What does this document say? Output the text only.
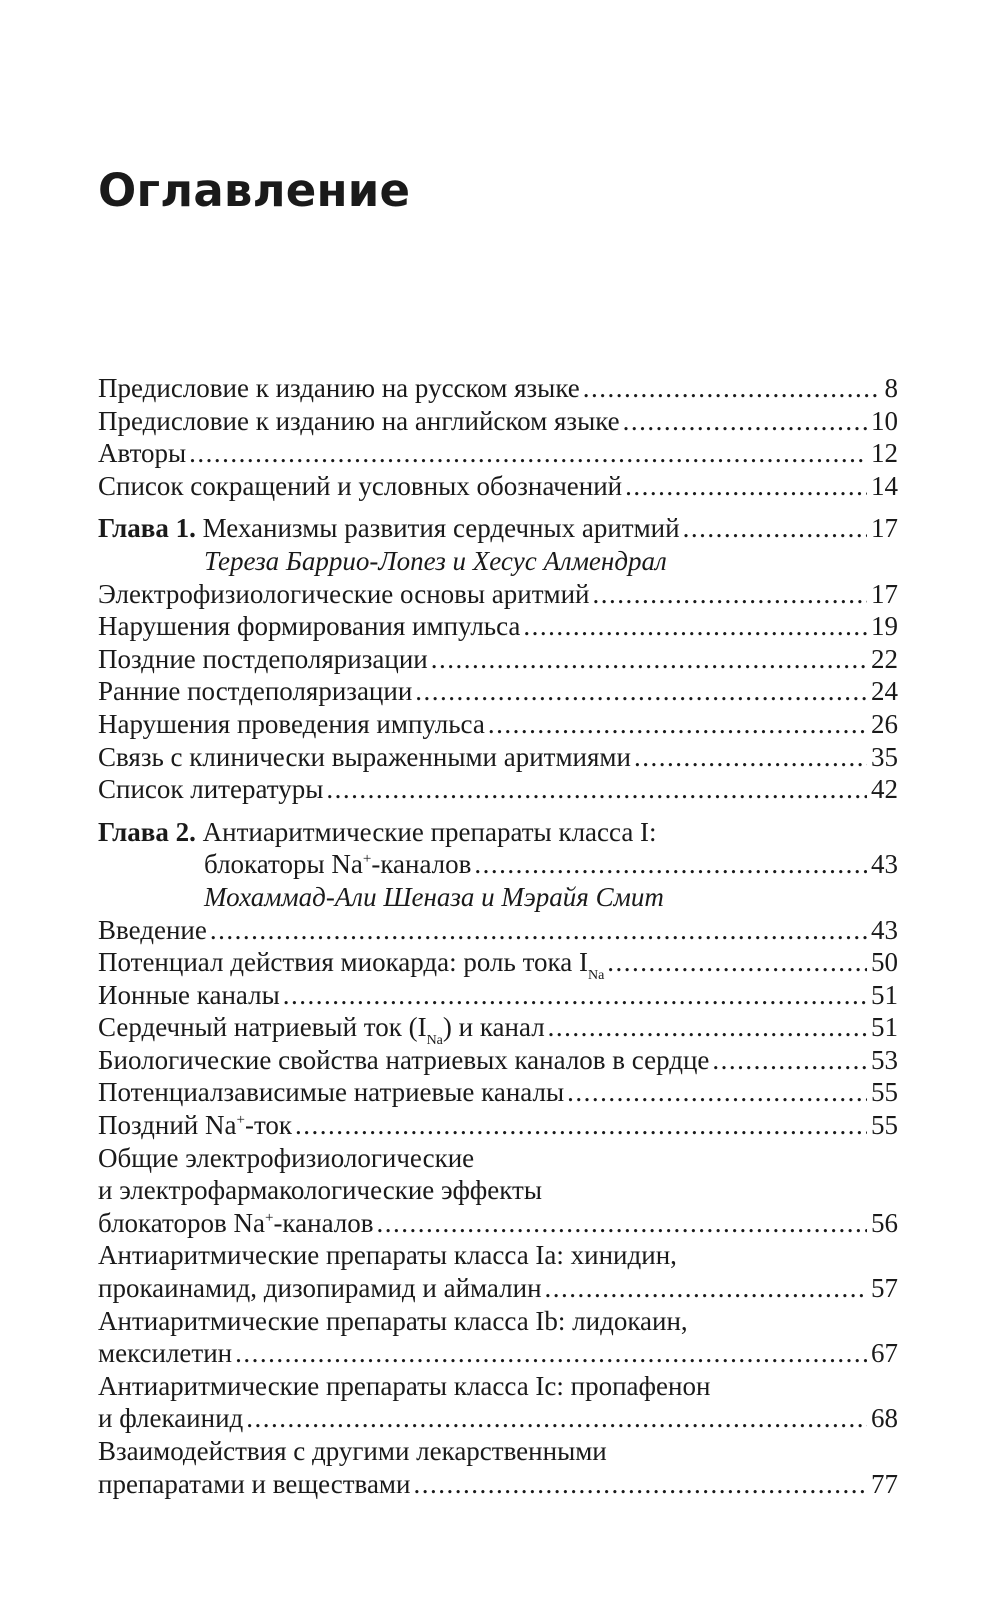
Оглавление
Предисловие к изданию на русском языке .....	8
Предисловие к изданию на английском языке .....	10
Авторы .....	12
Список сокращений и условных обозначений .....	14
Глава 1. Механизмы развития сердечных аритмий .....	17
Тереза Баррио-Лопез и Хесус Алмендрал
Электрофизиологические основы аритмий .....	17
Нарушения формирования импульса .....	19
Поздние постдеполяризации .....	22
Ранние постдеполяризации .....	24
Нарушения проведения импульса .....	26
Связь с клинически выраженными аритмиями .....	35
Список литературы .....	42
Глава 2. Антиаритмические препараты класса I:
блокаторы Na+-каналов .....	43
Мохаммад-Али Шеназа и Мэрайя Смит
Введение .....	43
Потенциал действия миокарда: роль тока $I_{Na}$ .....	50
Ионные каналы .....	51
Сердечный натриевый ток $(I_{Na})$ и канал .....	51
Биологические свойства натриевых каналов в сердце .....	53
Потенциалзависимые натриевые каналы .....	55
Поздний Na+-ток .....	55
Общие электрофизиологические
и электрофармакологические эффекты
блокаторов Na+-каналов .....	56
Антиаритмические препараты класса Ia: хинидин,
прокаинамид, дизопирамид и аймалин .....	57
Антиаритмические препараты класса Ib: лидокаин,
мексилетин .....	67
Антиаритмические препараты класса Ic: пропафенон
и флекаинид .....	68
Взаимодействия с другими лекарственными
препаратами и веществами .....	77
